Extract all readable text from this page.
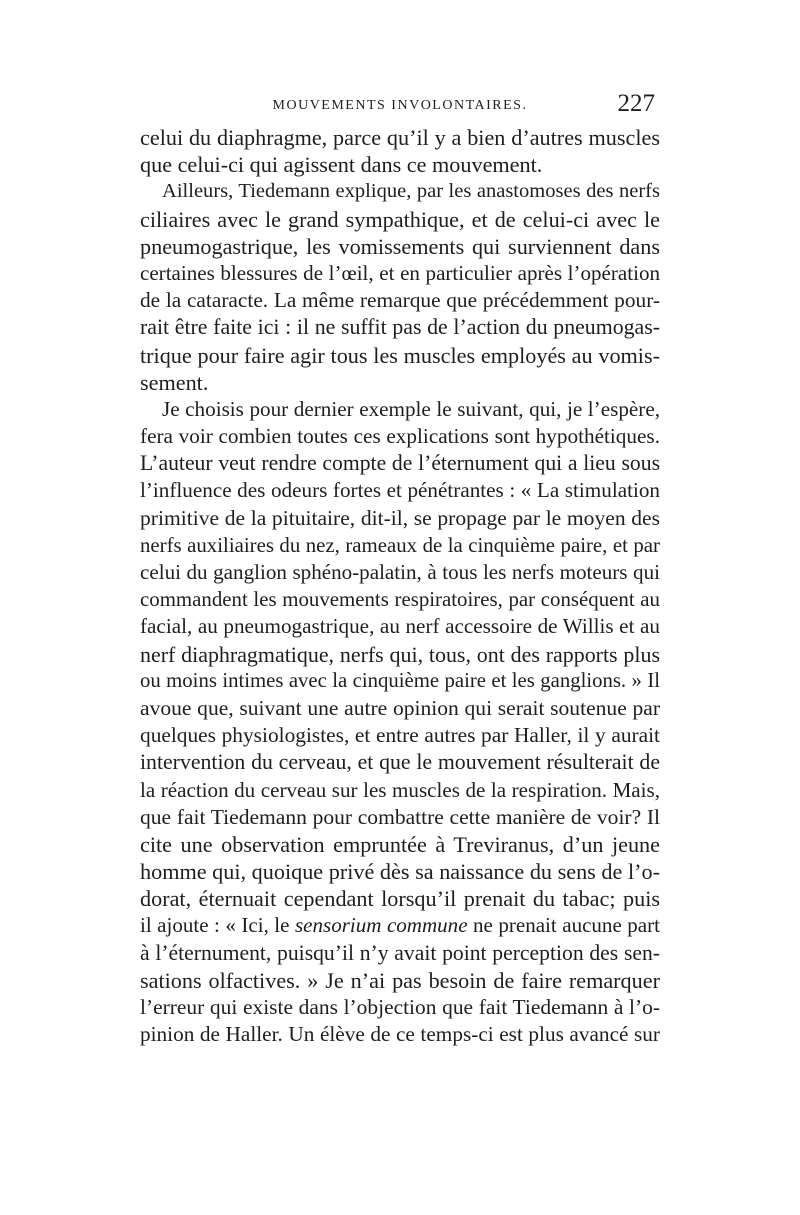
MOUVEMENTS INVOLONTAIRES.	227
celui du diaphragme, parce qu’il y a bien d’autres muscles
que celui-ci qui agissent dans ce mouvement.
Ailleurs, Tiedemann explique, par les anastomoses des nerfs
ciliaires avec le grand sympathique, et de celui-ci avec le
pneumogastrique, les vomissements qui surviennent dans
certaines blessures de l’œil, et en particulier après l’opération
de la cataracte. La même remarque que précédemment pour-
rait être faite ici : il ne suffit pas de l’action du pneumogas-
trique pour faire agir tous les muscles employés au vomis-
sement.
Je choisis pour dernier exemple le suivant, qui, je l’espère,
fera voir combien toutes ces explications sont hypothétiques.
L’auteur veut rendre compte de l’éternument qui a lieu sous
l’influence des odeurs fortes et pénétrantes : « La stimulation
primitive de la pituitaire, dit-il, se propage par le moyen des
nerfs auxiliaires du nez, rameaux de la cinquième paire, et par
celui du ganglion sphéno-palatin, à tous les nerfs moteurs qui
commandent les mouvements respiratoires, par conséquent au
facial, au pneumogastrique, au nerf accessoire de Willis et au
nerf diaphragmatique, nerfs qui, tous, ont des rapports plus
ou moins intimes avec la cinquième paire et les ganglions. » Il
avoue que, suivant une autre opinion qui serait soutenue par
quelques physiologistes, et entre autres par Haller, il y aurait
intervention du cerveau, et que le mouvement résulterait de
la réaction du cerveau sur les muscles de la respiration. Mais,
que fait Tiedemann pour combattre cette manière de voir? Il
cite une observation empruntée à Treviranus, d’un jeune
homme qui, quoique privé dès sa naissance du sens de l’o-
dorat, éternuait cependant lorsqu’il prenait du tabac; puis
il ajoute : « Ici, le sensorium commune ne prenait aucune part
à l’éternument, puisqu’il n’y avait point perception des sen-
sations olfactives. » Je n’ai pas besoin de faire remarquer
l’erreur qui existe dans l’objection que fait Tiedemann à l’o-
pinion de Haller. Un élève de ce temps-ci est plus avancé sur
